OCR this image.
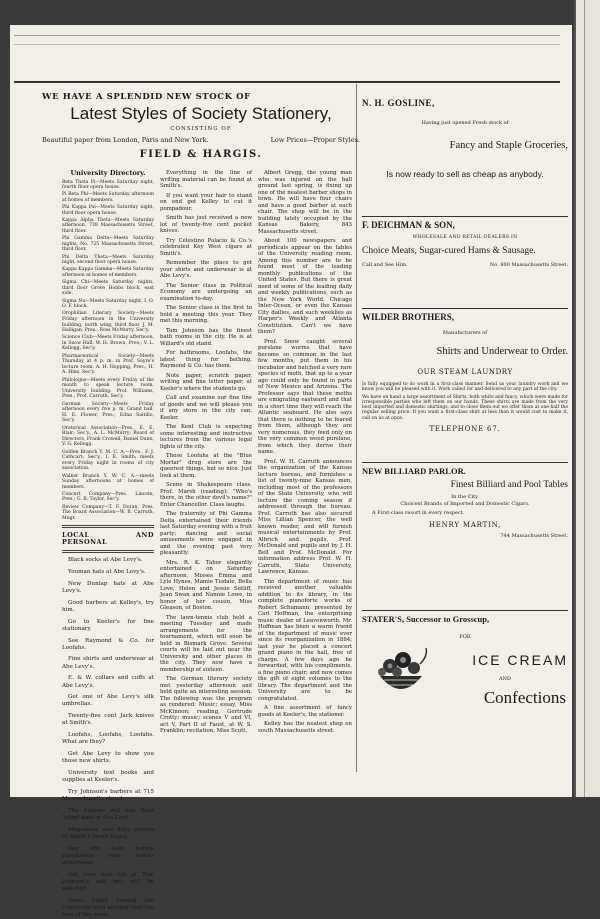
WE HAVE A SPLENDID NEW STOCK OF
Latest Styles of Society Stationery,
CONSISTING OF
Beautiful paper from London, Paris and New York.	Low Prices—Proper Styles.
FIELD & HARGIS.
University Directory.
Beta Theta Pi—Meets Saturday night, fourth floor opera house.
Pi Beta Phi—Meets Saturday afternoon at homes of members.
Phi Kappa Psi—Meets Saturday night, third floor opera house.
Kappa Alpha Theta—Meets Saturday afternoon, 738 Massachusetts Street, third floor.
Phi Gamma Delta—Meets Saturday nights, No. 725 Massachusetts Street, third floor.
Phi Delta Theta—Meets Saturday night, second floor opera house.
Kappa Kappa Gamma—Meets Saturday afternoon at homes of members.
Sigma Chi—Meets Saturday nights, third floor Grove Hobbs block, east side.
Sigma Nu—Meets Saturday night, I. O. O. F. block.
Orophilian Literary Society—Meets Friday afternoon in the University building, north wing, third floor. J. M. Halligan, Pres.; Ross McMurry, Sec'y.
Science Club—Meets Friday afternoon, in Snow Hall. W. H. Brown, Pres.; V. L. Kellogg, Sec'y.
Pharmaceutical Society—Meets Thursday at 4 p. m. in Prof. Sayre's lecture room. A. H. Hopping, Pres.; H. A. Hinz, Sec'y.
Philologus—Meets every Friday of the month to speak lecture room, University building. Prof. Williams, Pres.; Prof. Carruth, Sec'y.
German Society—Meets Friday afternoon every five p. m. Grand hall. H. E. Flower, Pres.; Edna Saltillo, Sec'y.
Oratorical Association—Pres., E. E. Blair; Sec'y., A. L. McMurry; Board of Directors, Frank Crowell, Daniel Dunn, V. G. Kellogg.
Golden Branch Y. M. C. A.—Pres., F. J. Cathcart; Sec'y., I. E. Smith; meets every Friday night in rooms of city association.
Walker Branch Y. W. C. A.—meets Sunday afternoons at homes of members.
Concert Company—Pres. Lincoln, Pres.; G. R. Taylor, Sec'y.
Review Company—T. F. Doran, Pres. The Board Association—W. B. Carruth, Mngr.
LOCAL AND PERSONAL

Black socks at Abe Levy's.

Youman hats at Abe Levy's.

New Dunlap hats at Abe Levy's.

Good barbers at Kelley's, try him.

Go to Keeler's for fine stationary.

See Raymond & Co. for Loofahs.

Fine shirts and underwear at Abe Levy's.

E. & W. collars and cuffs at Abe Levy's.

Get one of Abe Levy's silk umbrellas.

Twenty-five cent Jack knives at Smith's.

Loofahs, Loofahs, Loofahs. What are they?

Get Abe Levy to show you those new shirts.

University text books and supplies at Keeler's.

Try Johnson's barbers at 715 Massachusetts street.

The Seniors will buy their "plug" hats of Abe Levy.

Magazines and daily papers at Smith's News Depot.

See Abe Levy before purchasing your winter underwear.

Get your hair cut at Tom Johnson's and you will be satisfied.

Amos Plank fawned the University with another visit the first of the week.

Everything in the line of writing material can be found at Smith's.

If you want your hair to stand on end get Kelley to cut it pompadour.

Smith has just received a new lot of twenty-five cent pocket knives.

Try Celestino Palacio & Co.'s celebrated Key West cigars at Smith's.

Remember the place to get your shirts and underwear is at Abe Levy's.

The Senior class in Political Economy are undergoing an examination to-day.

The Senior class is the first to hold a meeting this year. They met this morning.

Tom Johnson has the finest bath rooms in the city. He is at Willard's old stand.

For bathrooms, Loofahs, the latest thing for bathing. Raymond & Co. has them.

Note paper, scratch paper, writing and fine letter paper, at Keeler's where the students go.

Call and examine our fine line of goods and we will please you if any store in the city can. Keeler.

The Kent Club is expecting some interesting and instructive lectures from the various legal lights of the city.

Those Loofahs at the "Blue Mortar" drug store are the queerest things, but so nice. Just look at them.

Scene in Shakespeare class. Prof. Marsh (reading): "Who's there, in the other devil's name?" Enter Chancellor. Class laughs.

The fraternity of Phi Gamma Delta entertained their friends last Saturday evening with a fruit party; dancing and social amusements were engaged in and the evening past very pleasantly.

Mrs. R. K. Tabor elegantly entertained on Saturday afternoon, Misses Emma and Lyle Hynes, Mamie Tisdale, Bella Love, Helen and Jessie Sutliff, Jean Swan and Nannie Lowe, in honor of her cousin, Miss Gleason, of Boston.

The lawn-tennis club held a meeting Tuesday and made arrangements for the tournament, which will soon be held in Bismark Grove. Several courts will be laid out near the University and other places in the city. They now have a membership of sixteen.

The German literary society met yesterday afternoon and held quite an interesting session. The following was the program as rendered: Music; essay, Miss McKinnon; reading, Gertrude Crotty; music; scenes V and VI, act V, Part II of Faust, at W. S. Franklin; recitation, Miss Scott.

Albert Gregg, the young man who was injured on the ball ground last spring, is fixing up one of the neatest barber shops in town. He will have four chairs and have a good barber at each chair. The shop will be in the building lately occupied by the Kansas Bakery, 843 Massachusetts street.

About 100 newspapers and periodicals appear on the tables of the University reading room. Among this number are to be found most of the leading monthly publications of the United States. But there is great need of some of the leading daily and weekly publications, such as the New York World, Chicago Inter-Ocean, or even the Kansas City dailies, and such weeklies as Harper's Weekly and Atlanta Constitution. Can't we have them?

Prof. Snow caught several purslane worms that have become so common in the last few months, put them in his incubator and hatched a very rare species of moth, that up to a year ago could only be found in parts of New Mexico and Arizona. The Professor says that these moths are emigrating eastward and that in a short time they will reach the Atlantic seaboard. He also says that there is nothing to be feared from them, although they are very numerous, they feed only on the very common weed purslane, from which they derive their name.

Prof. W. H. Carruth announces the organization of the Kansas lecture bureau, and furnishes a list of twenty-nine Kansas men, including most of the professors of the State University, who will lecture the coming season if addressed through the bureau. Prof. Carruth has also secured Miss Lillian Spencer, the well known reader, and will furnish musical entertainments by Prof. Albrich and pupils, Prof. McDonald and pupils and by J. H. Bell and Prof. McDonald. For information address Prof. W. H. Carruth, State University, Lawrence, Kansas.

The department of music has received another valuable addition to its library, in the complete pianoforte works of Robert Schumann, presented by Carl Hoffman, the enterprising music dealer of Leavenworth. Mr. Hoffman has been a warm friend of the department of music ever since its reorganization in 1884; last year he placed a concert grand piano in the hall, free of charge. A few days ago he forwarded, with his compliments, a fine piano chair; and now comes the gift of eight volumes to the library. The department and the University are to be congratulated.

A fine assortment of fancy goods at Keeler's, the stationer.

Kelley has the neatest shop on south Massachusetts street.

N. H. GOSLINE,
Having just opened Fresh stock of
Fancy and Staple Groceries,
Is now ready to sell as cheap as anybody.
F. DEICHMAN & SON,
WHOLESALE AND RETAIL DEALERS IN
Choice Meats, Sugar-cured Hams & Sausage.
Call and See Him.	No. 800 Massachusetts Street.
WILDER BROTHERS,
Manufacturers of
Shirts and Underwear to Order.
OUR STEAM LAUNDRY
Is fully equipped to do work in a first-class manner. Send us your laundry work and we know you will be pleased with it. Work called for and delivered to any part of the city.
We have on hand a large assortment of Shirts, both white and fancy, which were made for irresponsible parties who left them on our hands. These shirts are made from the very best imported and domestic shirtings, and to close them out we offer them at one-half the regular selling price. If you want a first-class shirt at less than it would cost to make it, call on us at once.
TELEPHONE 67.
NEW BILLIARD PARLOR.
Finest Billiard and Pool Tables
In the City.
Choicest Brands of Imported and Domestic Cigars.
A First-class resort in every respect.
HENRY MARTIN,
744 Massachusetts Street.
STATER'S, Successor to Grosscup,
FOR
ICE CREAM
AND
Confections
